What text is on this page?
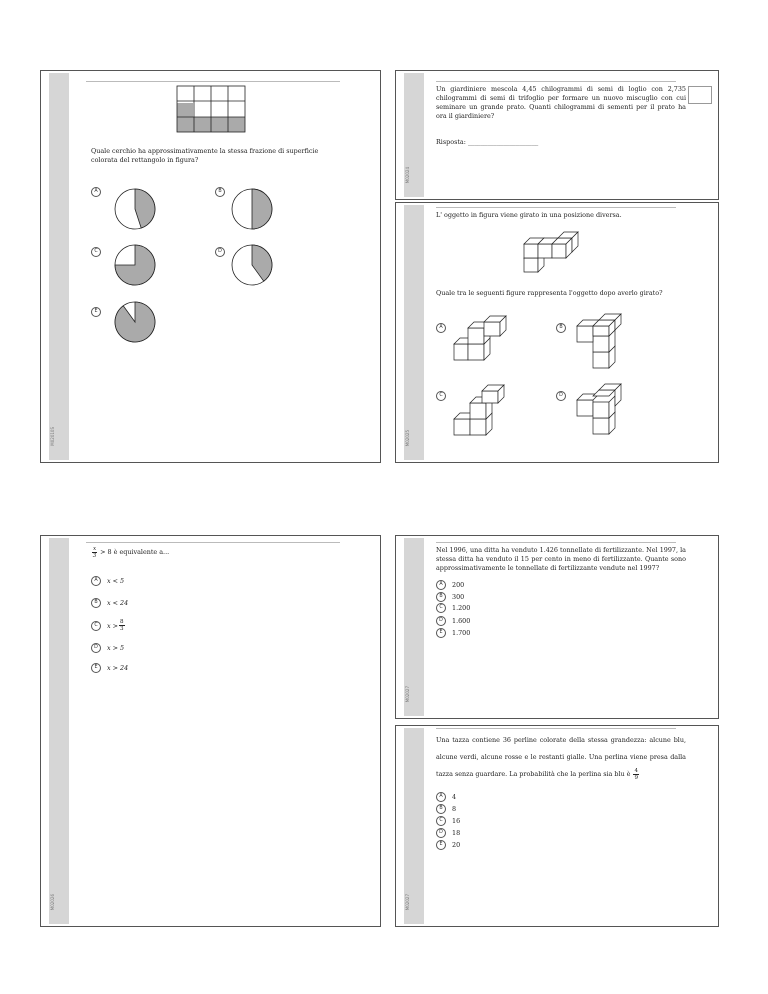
M02010S
Quale cerchio ha approssimativamente la stessa frazione di superficie colorata del rettangolo in figura?
A	B
C	D
E
M02024
Un giardiniere mescola 4,45 chilogrammi di semi di loglio con 2,735 chilogrammi di semi di trifoglio per formare un nuovo miscuglio con cui seminare un grande prato. Quanti chilogrammi di sementi per il prato ha ora il giardiniere?
Risposta: ______________________
M02025
L' oggetto in figura viene girato in una posizione diversa.
Quale tra le seguenti figure rappresenta l'oggetto dopo averlo girato?
A	B
C	D
M02026
$\frac{x}{3} > 8$ è equivalente a...
A	x < 5
B	x < 24
C	$x > \frac{8}{3}$
D	x > 5
E	x > 24
M02027
Nel 1996, una ditta ha venduto 1.426 tonnellate di fertilizzante. Nel 1997, la stessa ditta ha venduto il 15 per cento in meno di fertilizzante. Quante sono approssimativamente le tonnellate di fertilizzante vendute nel 1997?
A	200
B	300
C	1.200
D	1.600
E	1.700
M02027
Una tazza contiene 36 perline colorate della stessa grandezza: alcune blu, alcune verdi, alcune rosse e le restanti gialle. Una perlina viene presa dalla tazza senza guardare. La probabilità che la perlina sia blu è $\frac{4}{9}$
A	4
B	8
C	16
D	18
E	20
